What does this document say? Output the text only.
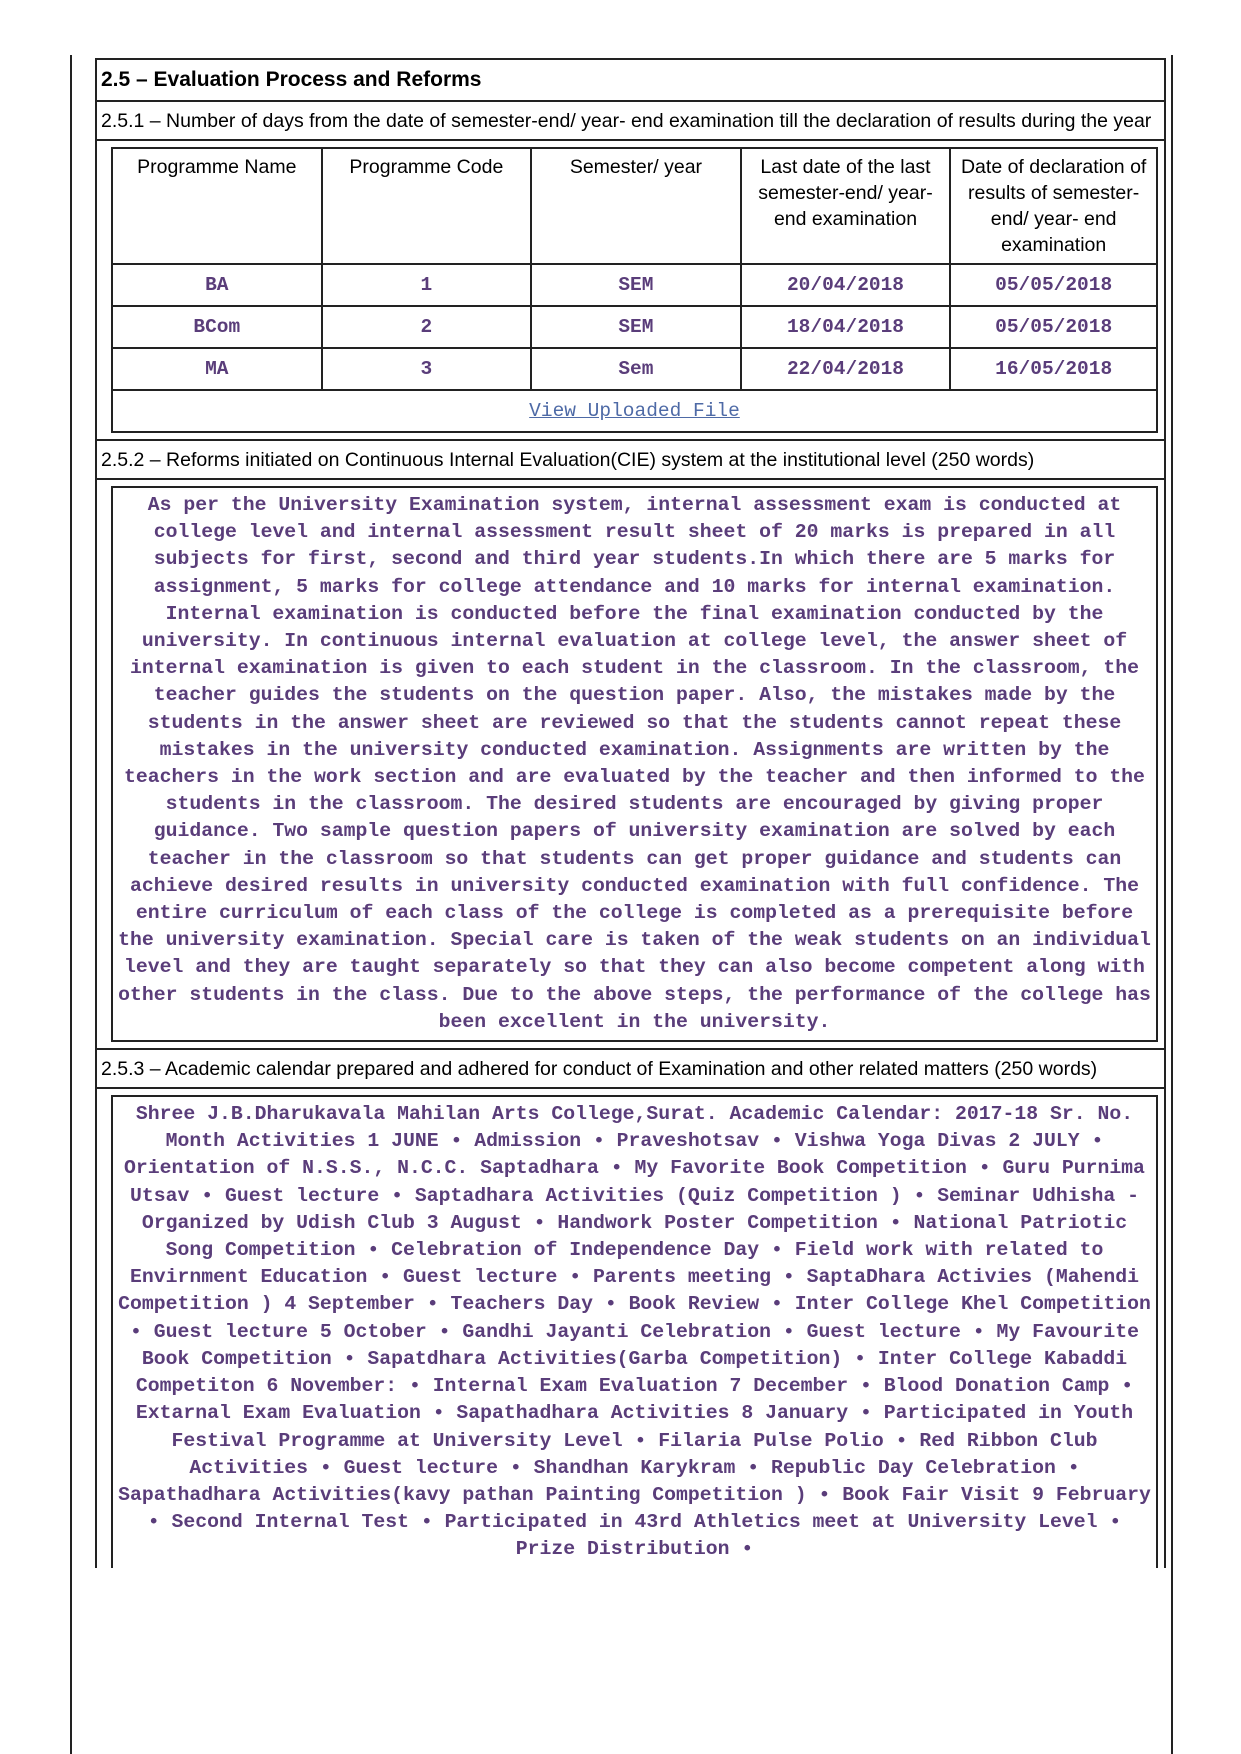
2.5 – Evaluation Process and Reforms
2.5.1 – Number of days from the date of semester-end/ year- end examination till the declaration of results during the year
Programme Name	Programme Code	Semester/ year	Last date of the last semester-end/ year- end examination	Date of declaration of results of semester- end/ year- end examination
BA	1	SEM	20/04/2018	05/05/2018
BCom	2	SEM	18/04/2018	05/05/2018
MA	3	Sem	22/04/2018	16/05/2018
View Uploaded File				
2.5.2 – Reforms initiated on Continuous Internal Evaluation(CIE) system at the institutional level (250 words)
As per the University Examination system, internal assessment exam is conducted at college level and internal assessment result sheet of 20 marks is prepared in all subjects for first, second and third year students.In which there are 5 marks for assignment, 5 marks for college attendance and 10 marks for internal examination. Internal examination is conducted before the final examination conducted by the university. In continuous internal evaluation at college level, the answer sheet of internal examination is given to each student in the classroom. In the classroom, the teacher guides the students on the question paper. Also, the mistakes made by the students in the answer sheet are reviewed so that the students cannot repeat these mistakes in the university conducted examination. Assignments are written by the teachers in the work section and are evaluated by the teacher and then informed to the students in the classroom. The desired students are encouraged by giving proper guidance. Two sample question papers of university examination are solved by each teacher in the classroom so that students can get proper guidance and students can achieve desired results in university conducted examination with full confidence. The entire curriculum of each class of the college is completed as a prerequisite before the university examination. Special care is taken of the weak students on an individual level and they are taught separately so that they can also become competent along with other students in the class. Due to the above steps, the performance of the college has been excellent in the university.
2.5.3 – Academic calendar prepared and adhered for conduct of Examination and other related matters (250 words)
Shree J.B.Dharukavala Mahilan Arts College,Surat. Academic Calendar: 2017-18 Sr. No. Month Activities 1 JUNE • Admission • Praveshotsav • Vishwa Yoga Divas 2 JULY • Orientation of N.S.S., N.C.C. Saptadhara • My Favorite Book Competition • Guru Purnima Utsav • Guest lecture • Saptadhara Activities (Quiz Competition ) • Seminar Udhisha - Organized by Udish Club 3 August • Handwork Poster Competition • National Patriotic Song Competition • Celebration of Independence Day • Field work with related to Envirnment Education • Guest lecture • Parents meeting • SaptaDhara Activies (Mahendi Competition ) 4 September • Teachers Day • Book Review • Inter College Khel Competition • Guest lecture 5 October • Gandhi Jayanti Celebration • Guest lecture • My Favourite Book Competition • Sapatdhara Activities(Garba Competition) • Inter College Kabaddi Competiton 6 November: • Internal Exam Evaluation 7 December • Blood Donation Camp • Extarnal Exam Evaluation • Sapathadhara Activities 8 January • Participated in Youth Festival Programme at University Level • Filaria Pulse Polio • Red Ribbon Club Activities • Guest lecture • Shandhan Karykram • Republic Day Celebration • Sapathadhara Activities(kavy pathan Painting Competition ) • Book Fair Visit 9 February • Second Internal Test • Participated in 43rd Athletics meet at University Level • Prize Distribution •
